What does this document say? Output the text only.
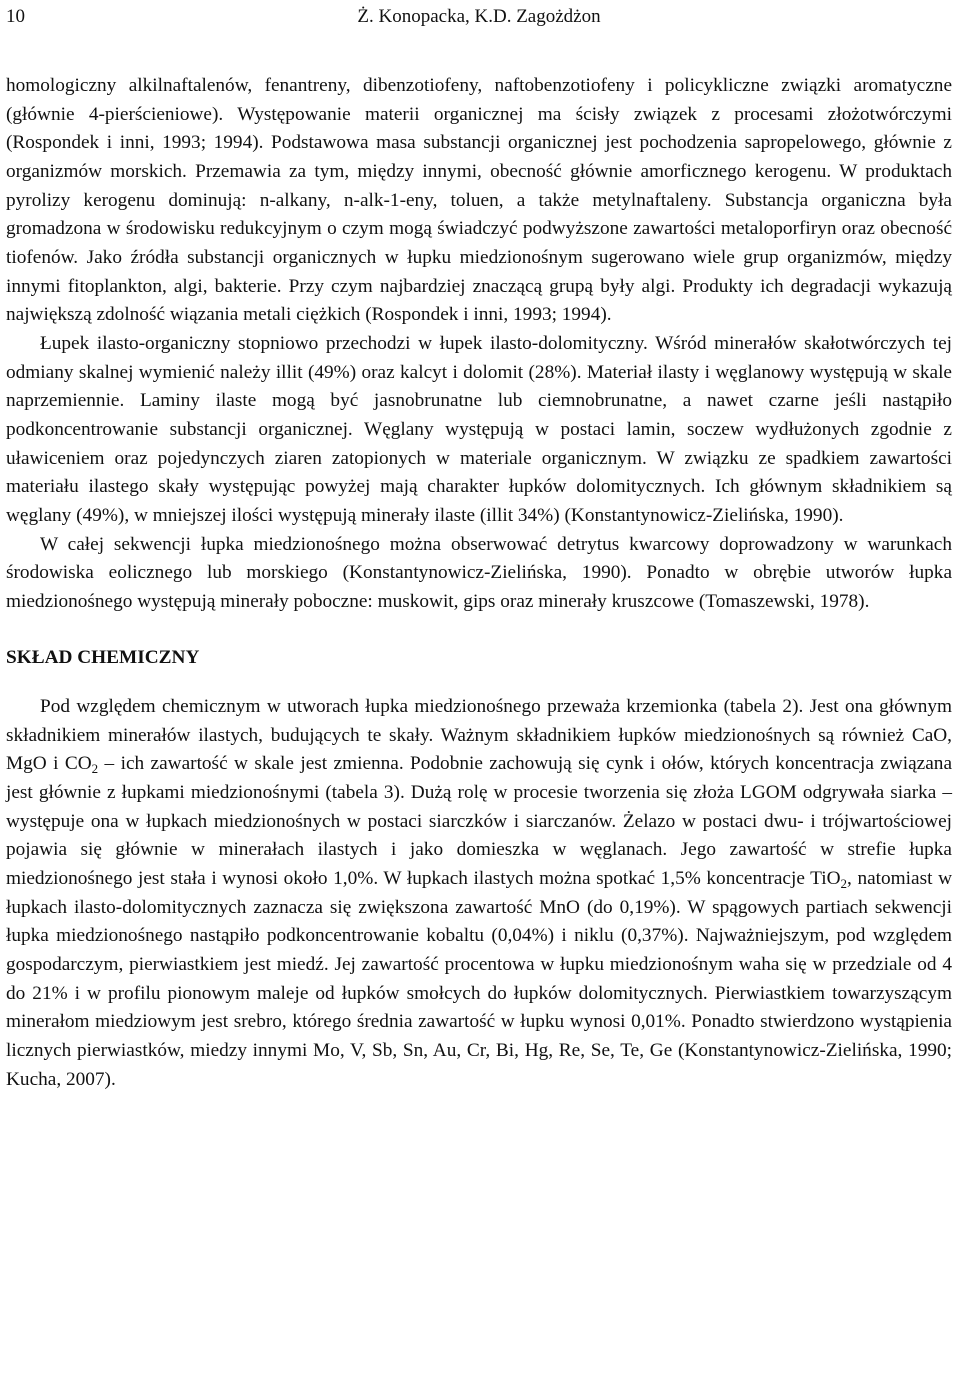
10	Ż. Konopacka, K.D. Zagożdżon

homologiczny alkilnaftalenów, fenantreny, dibenzotiofeny, naftobenzotiofeny i policykliczne związki aromatyczne (głównie 4-pierścieniowe). Występowanie materii organicznej ma ścisły związek z procesami złożotwórczymi (Rospondek i inni, 1993; 1994). Podstawowa masa substancji organicznej jest pochodzenia sapropelowego, głównie z organizmów morskich. Przemawia za tym, między innymi, obecność głównie amorficznego kerogenu. W produktach pyrolizy kerogenu dominują: n-alkany, n-alk-1-eny, toluen, a także metylnaftaleny. Substancja organiczna była gromadzona w środowisku redukcyjnym o czym mogą świadczyć podwyższone zawartości metaloporfiryn oraz obecność tiofenów. Jako źródła substancji organicznych w łupku miedzionośnym sugerowano wiele grup organizmów, między innymi fitoplankton, algi, bakterie. Przy czym najbardziej znaczącą grupą były algi. Produkty ich degradacji wykazują największą zdolność wiązania metali ciężkich (Rospondek i inni, 1993; 1994).

Łupek ilasto-organiczny stopniowo przechodzi w łupek ilasto-dolomityczny. Wśród minerałów skałotwórczych tej odmiany skalnej wymienić należy illit (49%) oraz kalcyt i dolomit (28%). Materiał ilasty i węglanowy występują w skale naprzemiennie. Laminy ilaste mogą być jasnobrunatne lub ciemnobrunatne, a nawet czarne jeśli nastąpiło podkoncentrowanie substancji organicznej. Węglany występują w postaci lamin, soczew wydłużonych zgodnie z uławiceniem oraz pojedynczych ziaren zatopionych w materiale organicznym. W związku ze spadkiem zawartości materiału ilastego skały występując powyżej mają charakter łupków dolomitycznych. Ich głównym składnikiem są węglany (49%), w mniejszej ilości występują minerały ilaste (illit 34%) (Konstantynowicz-Zielińska, 1990).

W całej sekwencji łupka miedzionośnego można obserwować detrytus kwarcowy doprowadzony w warunkach środowiska eolicznego lub morskiego (Konstantynowicz-Zielińska, 1990). Ponadto w obrębie utworów łupka miedzionośnego występują minerały poboczne: muskowit, gips oraz minerały kruszcowe (Tomaszewski, 1978).

SKŁAD CHEMICZNY

Pod względem chemicznym w utworach łupka miedzionośnego przeważa krzemionka (tabela 2). Jest ona głównym składnikiem minerałów ilastych, budujących te skały. Ważnym składnikiem łupków miedzionośnych są również CaO, MgO i $CO_2$ – ich zawartość w skale jest zmienna. Podobnie zachowują się cynk i ołów, których koncentracja związana jest głównie z łupkami miedzionośnymi (tabela 3). Dużą rolę w procesie tworzenia się złoża LGOM odgrywała siarka – występuje ona w łupkach miedzionośnych w postaci siarczków i siarczanów. Żelazo w postaci dwu- i trójwartościowej pojawia się głównie w minerałach ilastych i jako domieszka w węglanach. Jego zawartość w strefie łupka miedzionośnego jest stała i wynosi około 1,0%. W łupkach ilastych można spotkać 1,5% koncentracje TiO$_2$, natomiast w łupkach ilasto-dolomitycznych zaznacza się zwiększona zawartość MnO (do 0,19%). W spągowych partiach sekwencji łupka miedzionośnego nastąpiło podkoncentrowanie kobaltu (0,04%) i niklu (0,37%). Najważniejszym, pod względem gospodarczym, pierwiastkiem jest miedź. Jej zawartość procentowa w łupku miedzionośnym waha się w przedziale od 4 do 21% i w profilu pionowym maleje od łupków smołcych do łupków dolomitycznych. Pierwiastkiem towarzyszącym minerałom miedziowym jest srebro, którego średnia zawartość w łupku wynosi 0,01%. Ponadto stwierdzono wystąpienia licznych pierwiastków, miedzy innymi Mo, V, Sb, Sn, Au, Cr, Bi, Hg, Re, Se, Te, Ge (Konstantynowicz-Zielińska, 1990; Kucha, 2007).
